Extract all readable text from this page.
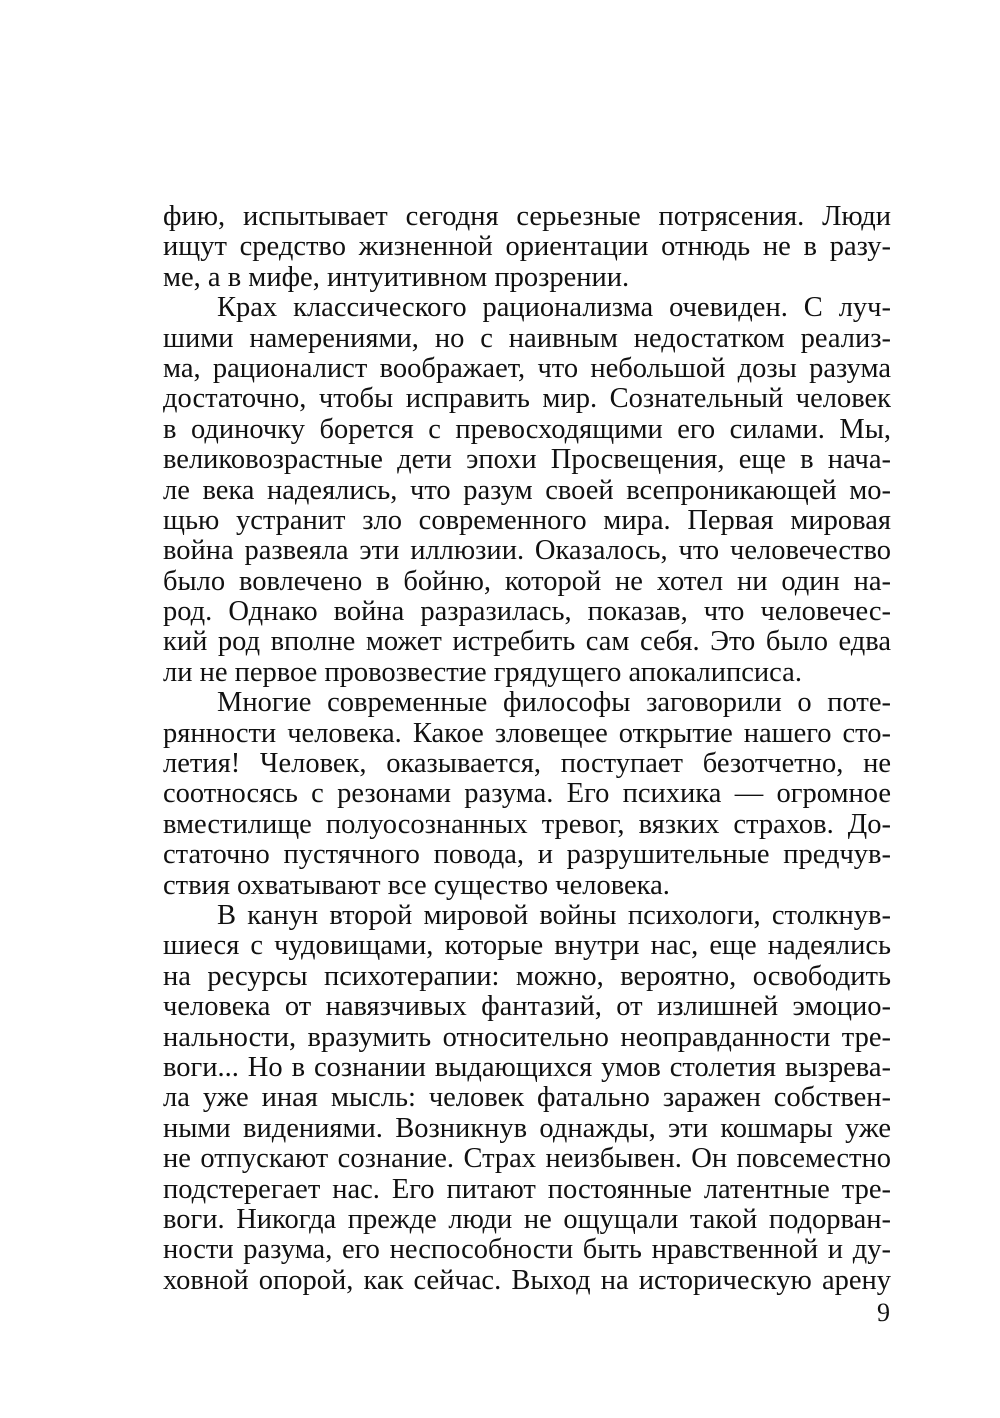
фию, испытывает сегодня серьезные потрясения. Люди
ищут средство жизненной ориентации отнюдь не в разу-
ме, а в мифе, интуитивном прозрении.
Крах классического рационализма очевиден. С луч-
шими намерениями, но с наивным недостатком реализ-
ма, рационалист воображает, что небольшой дозы разума
достаточно, чтобы исправить мир. Сознательный человек
в одиночку борется с превосходящими его силами. Мы,
великовозрастные дети эпохи Просвещения, еще в нача-
ле века надеялись, что разум своей всепроникающей мо-
щью устранит зло современного мира. Первая мировая
война развеяла эти иллюзии. Оказалось, что человечество
было вовлечено в бойню, которой не хотел ни один на-
род. Однако война разразилась, показав, что человечес-
кий род вполне может истребить сам себя. Это было едва
ли не первое провозвестие грядущего апокалипсиса.
Многие современные философы заговорили о поте-
рянности человека. Какое зловещее открытие нашего сто-
летия! Человек, оказывается, поступает безотчетно, не
соотносясь с резонами разума. Его психика — огромное
вместилище полуосознанных тревог, вязких страхов. До-
статочно пустячного повода, и разрушительные предчув-
ствия охватывают все существо человека.
В канун второй мировой войны психологи, столкнув-
шиеся с чудовищами, которые внутри нас, еще надеялись
на ресурсы психотерапии: можно, вероятно, освободить
человека от навязчивых фантазий, от излишней эмоцио-
нальности, вразумить относительно неоправданности тре-
воги... Но в сознании выдающихся умов столетия вызрева-
ла уже иная мысль: человек фатально заражен собствен-
ными видениями. Возникнув однажды, эти кошмары уже
не отпускают сознание. Страх неизбывен. Он повсеместно
подстерегает нас. Его питают постоянные латентные тре-
воги. Никогда прежде люди не ощущали такой подорван-
ности разума, его неспособности быть нравственной и ду-
ховной опорой, как сейчас. Выход на историческую арену
9
